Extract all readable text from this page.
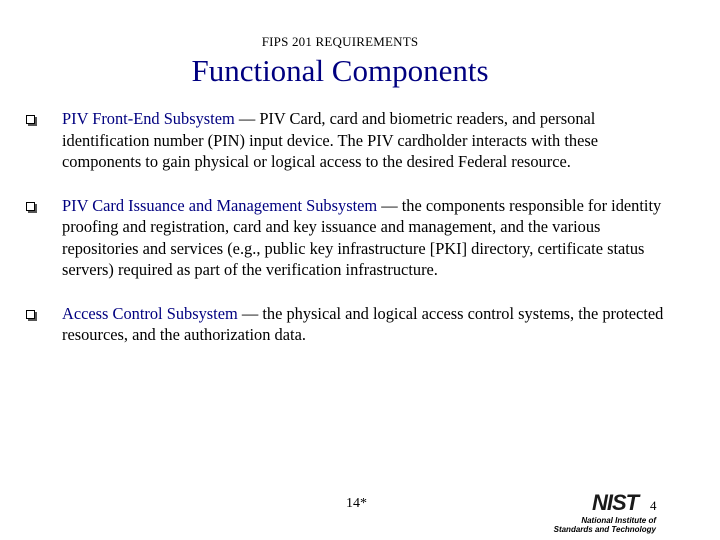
FIPS 201 REQUIREMENTS
Functional Components
PIV Front-End Subsystem — PIV Card, card and biometric readers, and personal identification number (PIN) input device. The PIV cardholder interacts with these components to gain physical or logical access to the desired Federal resource.
PIV Card Issuance and Management Subsystem — the components responsible for identity proofing and registration, card and key issuance and management, and the various repositories and services (e.g., public key infrastructure [PKI] directory, certificate status servers) required as part of the verification infrastructure.
Access Control Subsystem — the physical and logical access control systems, the protected resources, and the authorization data.
14*	NIST
National Institute of
Standards and Technology
4
